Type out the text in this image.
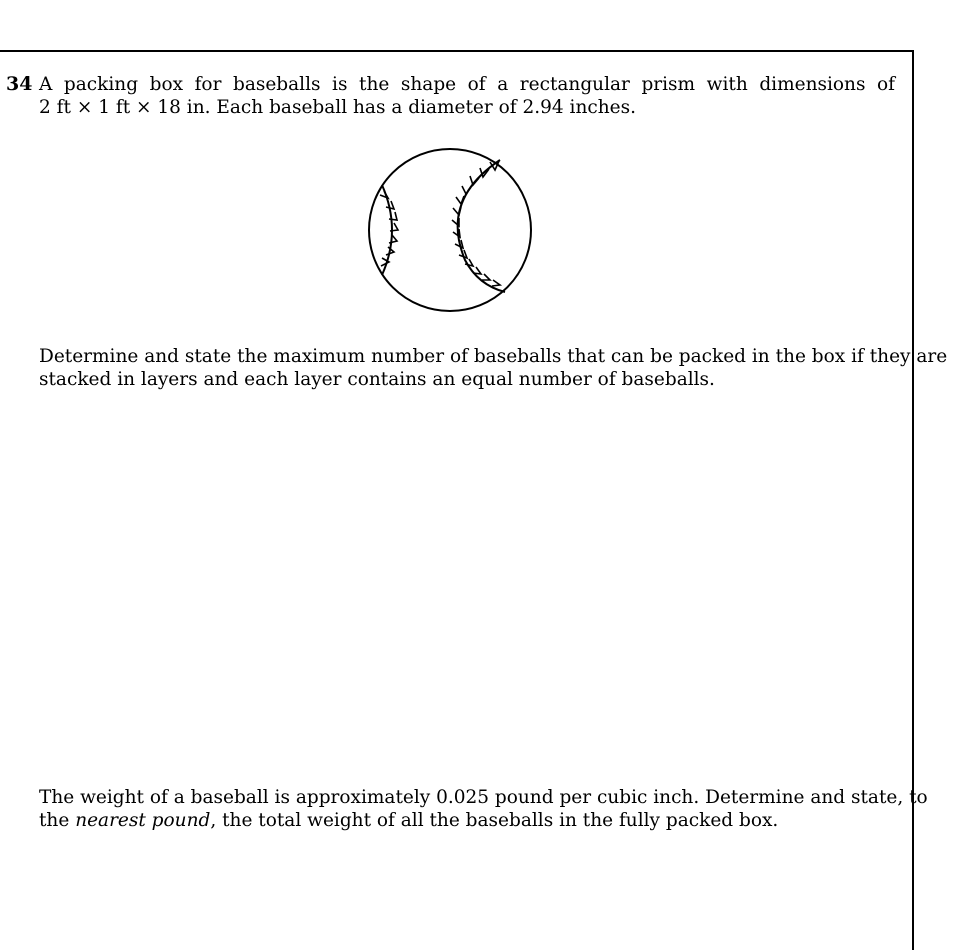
34 A packing box for baseballs is the shape of a rectangular prism with dimensions of
2 ft × 1 ft × 18 in. Each baseball has a diameter of 2.94 inches.
Determine and state the maximum number of baseballs that can be packed in the box if they are
stacked in layers and each layer contains an equal number of baseballs.
The weight of a baseball is approximately 0.025 pound per cubic inch. Determine and state, to
the nearest pound, the total weight of all the baseballs in the fully packed box.
